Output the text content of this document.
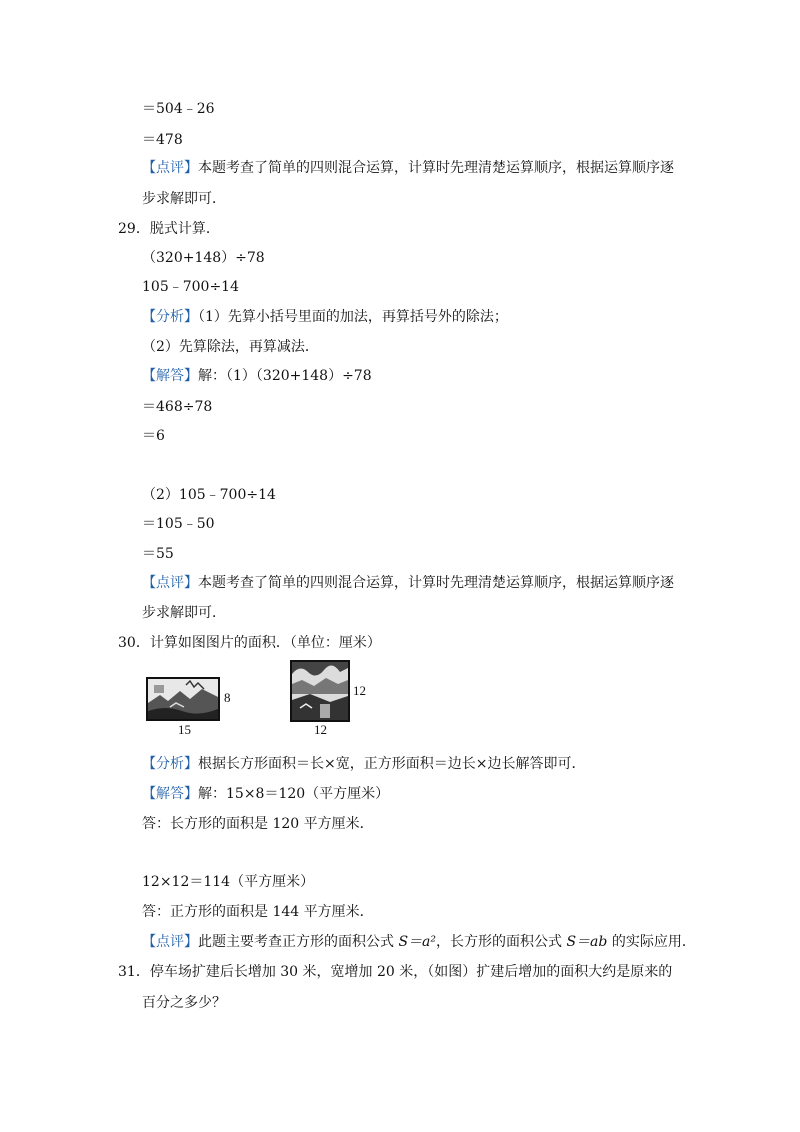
＝504﹣26
＝478
【点评】本题考查了简单的四则混合运算，计算时先理清楚运算顺序，根据运算顺序逐
步求解即可．
29．脱式计算．
（320+148）÷78
105﹣700÷14
【分析】（1）先算小括号里面的加法，再算括号外的除法；
（2）先算除法，再算减法．
【解答】解：（1）（320+148）÷78
＝468÷78
＝6
（2）105﹣700÷14
＝105﹣50
＝55
【点评】本题考查了简单的四则混合运算，计算时先理清楚运算顺序，根据运算顺序逐
步求解即可．
30．计算如图图片的面积．（单位：厘米）
8
15
12
12
【分析】根据长方形面积＝长×宽，正方形面积＝边长×边长解答即可．
【解答】解：15×8＝120（平方厘米）
答：长方形的面积是 120 平方厘米．
12×12＝114（平方厘米）
答：正方形的面积是 144 平方厘米．
【点评】此题主要考查正方形的面积公式 S＝a²，长方形的面积公式 S＝ab 的实际应用．
31．停车场扩建后长增加 30 米，宽增加 20 米，（如图）扩建后增加的面积大约是原来的
百分之多少？
